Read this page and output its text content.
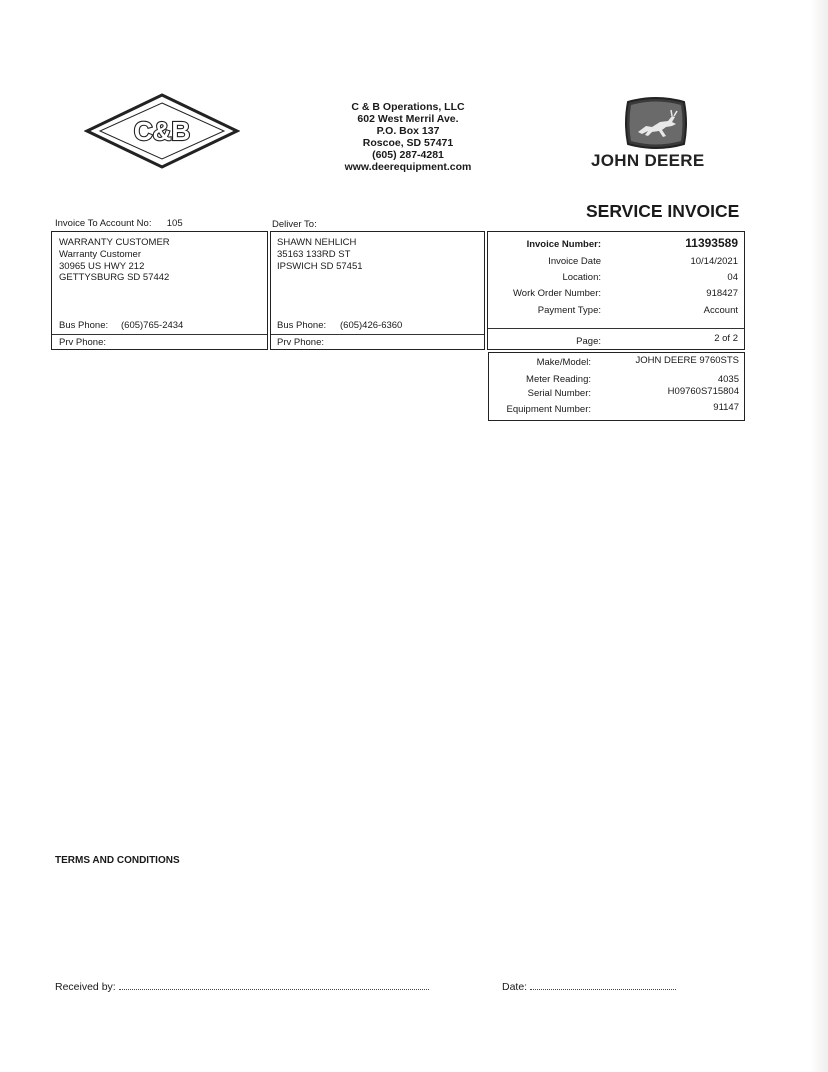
C&B
C & B Operations, LLC
602 West Merril Ave.
P.O. Box 137
Roscoe, SD 57471
(605) 287-4281
www.deerequipment.com	JOHN DEERE
SERVICE INVOICE
Invoice To Account No: 105	Deliver To:
WARRANTY CUSTOMER
Warranty Customer
30965 US HWY 212
GETTYSBURG SD 57442
Bus Phone: (605)765-2434
Prv Phone:
SHAWN NEHLICH
35163 133RD ST
IPSWICH SD 57451
Bus Phone: (605)426-6360
Prv Phone:
Invoice Number:	11393589
Invoice Date	10/14/2021
Location:	04
Work Order Number:	918427
Payment Type:	Account
Page:	2 of 2
Make/Model:	JOHN DEERE 9760STS
Meter Reading:	4035
Serial Number:	H09760S715804
Equipment Number:	91147
TERMS AND CONDITIONS
Received by:	Date:
